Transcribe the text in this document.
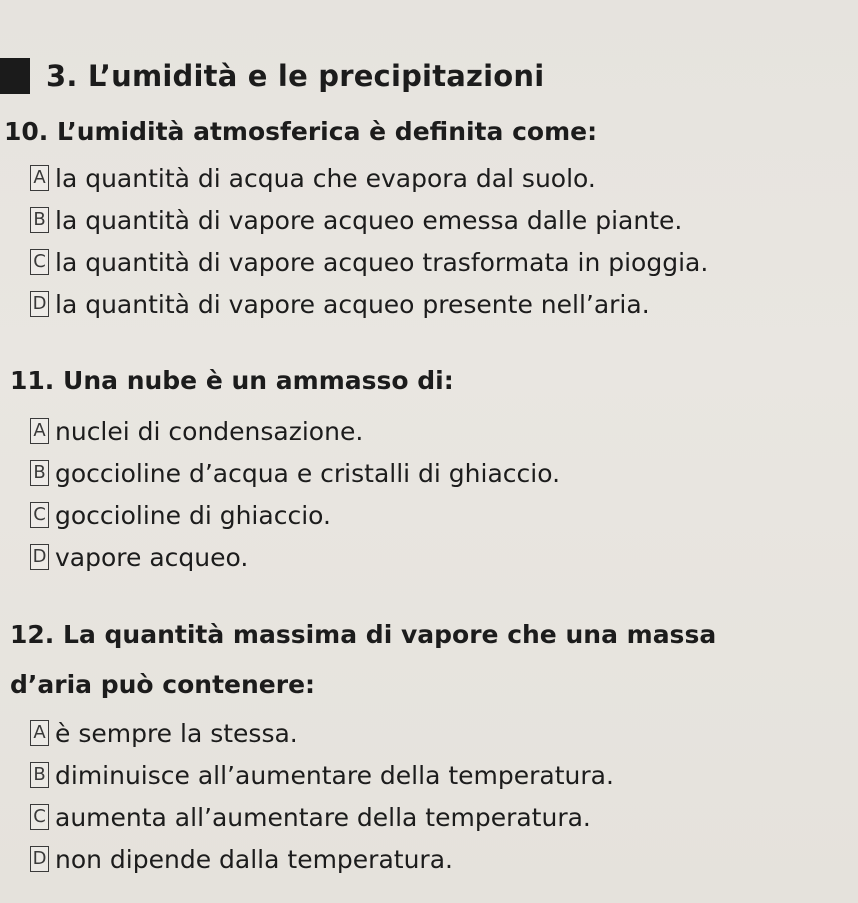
3. L’umidità e le precipitazioni

10. L’umidità atmosferica è definita come:

A la quantità di acqua che evapora dal suolo.
B la quantità di vapore acqueo emessa dalle piante.
C la quantità di vapore acqueo trasformata in pioggia.
D la quantità di vapore acqueo presente nell’aria.

11. Una nube è un ammasso di:

A nuclei di condensazione.
B goccioline d’acqua e cristalli di ghiaccio.
C goccioline di ghiaccio.
D vapore acqueo.

12. La quantità massima di vapore che una massa
d’aria può contenere:

A è sempre la stessa.
B diminuisce all’aumentare della temperatura.
C aumenta all’aumentare della temperatura.
D non dipende dalla temperatura.
